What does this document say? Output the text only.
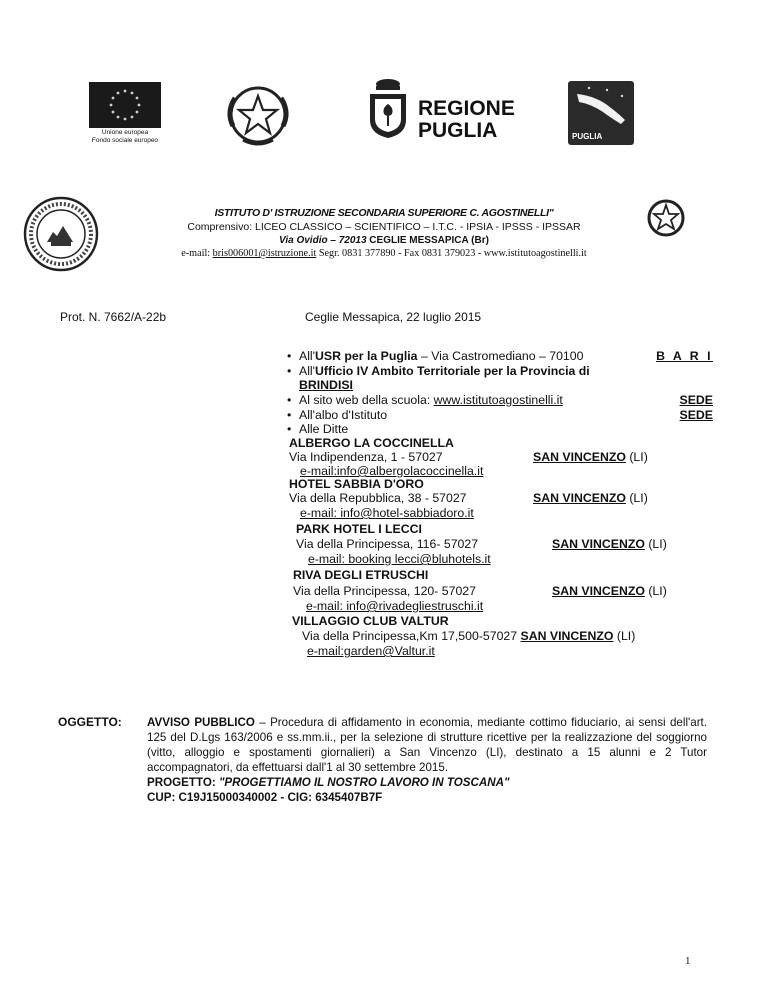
Unione europea
Fondo sociale europeo
REGIONE
PUGLIA	PUGLIA
ISTITUTO D' ISTRUZIONE SECONDARIA SUPERIORE C. AGOSTINELLI"
Comprensivo: LICEO CLASSICO – SCIENTIFICO – I.T.C. - IPSIA - IPSSS - IPSSAR
Via Ovidio – 72013 CEGLIE MESSAPICA (Br)
e-mail: bris006001@istruzione.it Segr. 0831 377890 - Fax 0831 379023 - www.istitutoagostinelli.it
Prot. N. 7662/A-22b	Ceglie Messapica, 22 luglio 2015
• All'USR per la Puglia – Via Castromediano – 70100	B A R I
• All'Ufficio IV Ambito Territoriale per la Provincia di
BRINDISI
• Al sito web della scuola: www.istitutoagostinelli.it	SEDE
• All'albo d'Istituto	SEDE
• Alle Ditte
ALBERGO LA COCCINELLA
Via Indipendenza, 1 - 57027	SAN VINCENZO (LI)
e-mail:info@albergolacoccinella.it
HOTEL SABBIA D'ORO
Via della Repubblica, 38 - 57027	SAN VINCENZO (LI)
e-mail: info@hotel-sabbiadoro.it
PARK HOTEL I LECCI
Via della Principessa, 116- 57027	SAN VINCENZO (LI)
e-mail: booking lecci@bluhotels.it
RIVA DEGLI ETRUSCHI
Via della Principessa, 120- 57027	SAN VINCENZO (LI)
e-mail: info@rivadegliestruschi.it
VILLAGGIO CLUB VALTUR
Via della Principessa,Km 17,500-57027 SAN VINCENZO (LI)
e-mail:garden@Valtur.it
OGGETTO: AVVISO PUBBLICO – Procedura di affidamento in economia, mediante cottimo fiduciario, ai sensi dell'art. 125 del D.Lgs 163/2006 e ss.mm.ii., per la selezione di strutture ricettive per la realizzazione del soggiorno (vitto, alloggio e spostamenti giornalieri) a San Vincenzo (LI), destinato a 15 alunni e 2 Tutor accompagnatori, da effettuarsi dall'1 al 30 settembre 2015.
PROGETTO: "PROGETTIAMO IL NOSTRO LAVORO IN TOSCANA"
CUP: C19J15000340002 - CIG: 6345407B7F
1
